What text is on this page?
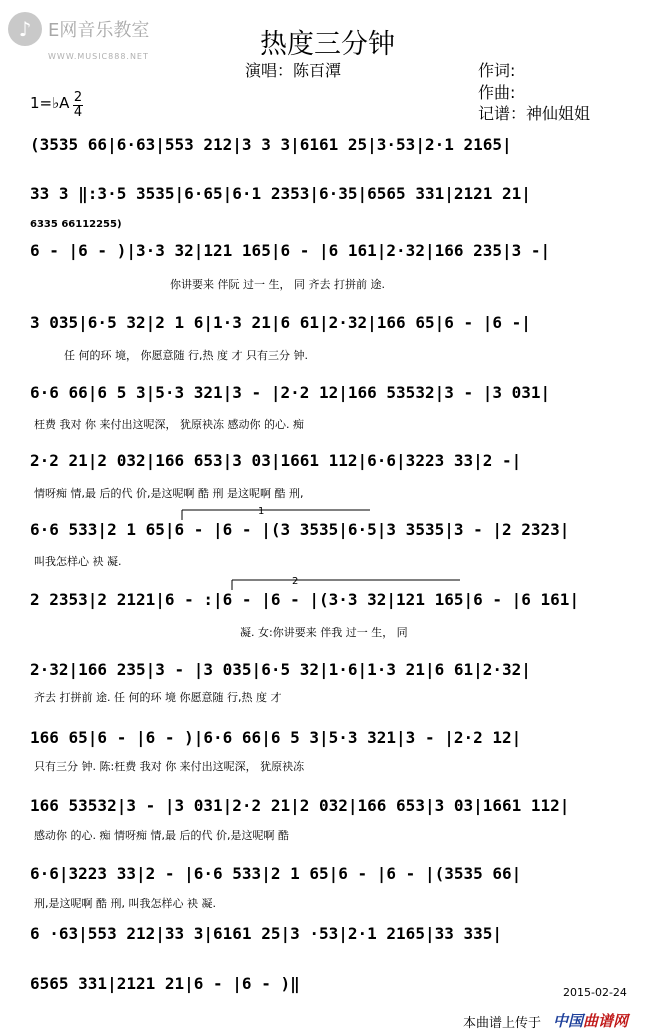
♪ E网音乐教室
WWW.MUSIC888.NET	热度三分钟
演唱：陈百潭	作词:
作曲:
记谱：神仙姐姐
1=♭A 2
4
(3535 66|6·63|553 212|3 3 3|6161 25|3·53|2·1 2165|
33 3 ‖:3·5 3535|6·65|6·1 2353|6·35|6565 331|2121 21|
6335 66112255)
6 - |6 - )|3·3 32|121 165|6 - |6 161|2·32|166 235|3 -|
你讲要来 伴阮 过一 生， 同 齐去 打拼前 途.
3 035|6·5 32|2 1 6|1·3 21|6 61|2·32|166 65|6 - |6 -|
任 何的环 境， 你愿意随 行,热 度 才 只有三分 钟.
6·6 66|6 5 3|5·3 321|3 - |2·2 12|166 53532|3 - |3 031|
枉费 我对 你 来付出这呢深， 犹原袂冻 感动你 的心. 痴
2·2 21|2 032|166 653|3 03|1661 112|6·6|3223 33|2 -|
情呀痴 情,最 后的代 价,是这呢啊 酷 刑 是这呢啊 酷 刑,
6·6 533|2 1 65|6 - |6 - |(3 3535|6·5|3 3535|3 - |2 2323|
叫我怎样心 袂 凝.
2 2353|2 2121|6 - :|6 - |6 - |(3·3 32|121 165|6 - |6 161|
凝. 女:你讲要来 伴我 过一 生， 同
2·32|166 235|3 - |3 035|6·5 32|1·6|1·3 21|6 61|2·32|
齐去 打拼前 途. 任 何的环 境 你愿意随 行,热 度 才
166 65|6 - |6 - )|6·6 66|6 5 3|5·3 321|3 - |2·2 12|
只有三分 钟. 陈:枉费 我对 你 来付出这呢深， 犹原袂冻
166 53532|3 - |3 031|2·2 21|2 032|166 653|3 03|1661 112|
感动你 的心. 痴 情呀痴 情,最 后的代 价,是这呢啊 酷
6·6|3223 33|2 - |6·6 533|2 1 65|6 - |6 - |(3535 66|
刑,是这呢啊 酷 刑, 叫我怎样心 袂 凝.
6 ·63|553 212|33 3|6161 25|3 ·53|2·1 2165|33 335|
6565 331|2121 21|6 - |6 - )‖
1
2
2015-02-24
本曲谱上传于 中国曲谱网
